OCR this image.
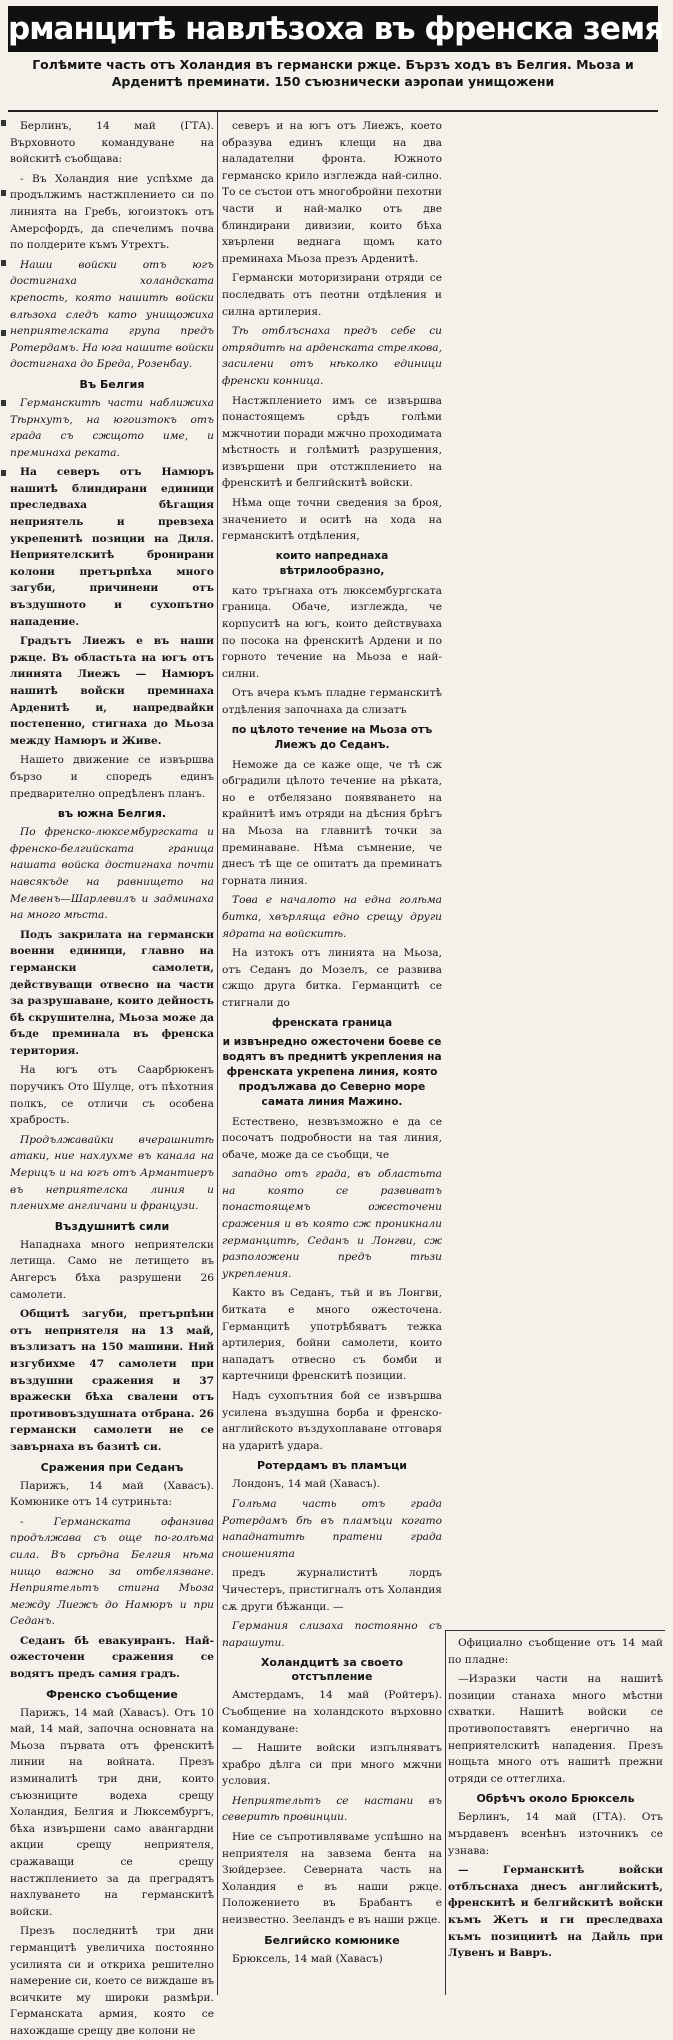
рманцитѣ навлѣзоха въ френска земя
Голѣмите часть отъ Холандия въ германски ржце. Бързъ ходъ въ Белгия. Мьоза и Арденитѣ преминати. 150 съюзнически аэропаи унищожени

Берлинъ, 14 май (ГТА). Върховното командуване на войскитѣ съобщава:

- Въ Холандия ние успѣхме да продължимъ настжплението си по линията на Гребъ, югоизтокъ отъ Амерсфордъ, да спечелимъ почва по полдерите къмъ Утрехтъ.

Наши войски отъ югъ достигнаха холандската крепость, която нашитѣ войски влѣзоха следъ като унищожиха неприятелската група предъ Ротердамъ. На юга нашите войски достигнаха до Бреда, Розенбау.

Въ Белгия

Германскитѣ части наближиха Тѣрнхутъ, на югоизтокъ отъ града съ сжщото име, и преминаха реката.

На северъ отъ Намюръ нашитѣ блиндирани единици преследваха бѣгащия неприятель и превзеха укрепенитѣ позиции на Диля. Неприятелскитѣ бронирани колони претърпѣха много загуби, причинени отъ въздушното и сухопътно нападение.

Градътъ Лиежъ е въ наши ржце. Въ областьта на югъ отъ линията Лиежъ — Намюръ нашитѣ войски преминаха Арденитѣ и, напредвайки постепенно, стигнаха до Мьоза между Намюръ и Живе.

Нашето движение се извършва бързо и споредъ единъ предварително опредѣленъ планъ.

въ южна Белгия.

По френско-люксембургската и френско-белгийската граница нашата войска достигнаха почти навсякъде на равнището на Мелвенъ—Шарлевилъ и задминаха на много мѣста.

Подъ закрилата на германски военни единици, главно на германски самолети, действуващи отвесно на части за разрушаване, които дейность бѣ скрушителна, Мьоза може да бъде преминала въ френска територия.

На югъ отъ Саарбрюкенъ поручикъ Ото Шулце, отъ пѣхотния полкъ, се отличи съ особена храбрость.

Продължавайки вчерашнитѣ атаки, ние нахлухме въ канала на Мерицъ и на югъ отъ Армантиеръ въ неприятелска линия и пленихме англичани и французи.

Въздушнитѣ сили

Нападнаха много неприятелски летища. Само не летището въ Ангерсъ бѣха разрушени 26 самолети.

Общитѣ загуби, претърпѣни отъ неприятеля на 13 май, възлизатъ на 150 машини. Ний изгубихме 47 самолети при въздушни сражения и 37 вражески бѣха свалени отъ противовъздушната отбрана. 26 германски самолети не се завърнаха въ базитѣ си.

Сражения при Седанъ

Парижъ, 14 май (Хавасъ). Комюнике отъ 14 сутриньта:

- Германската офанзива продължава съ още по-голѣма сила. Въ срѣдна Белгия нѣма нищо важно за отбелязване. Неприятельтъ стигна Мьоза между Лиежъ до Намюръ и при Седанъ.

Седанъ бѣ евакуиранъ. Най-ожесточени сражения се водятъ предъ самия градъ.

Френско съобщение

Парижъ, 14 май (Хавасъ). Отъ 10 май, 14 май, започна основната на Мьоза първата отъ френскитѣ линии на войната. Презъ изминалитѣ три дни, които съюзниците водеха срещу Холандия, Белгия и Люксембургъ, бѣха извършени само авангардни акции срещу неприятеля, сражаващи се срещу настжплението за да преградятъ нахлуването на германскитѣ войски.

Презъ последнитѣ три дни германцитѣ увеличиха постоянно усилията си и откриха решително намерение си, което се виждаше въ всичките му широки размѣри. Германската армия, която се нахождаше срещу две колони не

северъ и на югъ отъ Лиежъ, което образува единъ клещи на два наладателни фронта. Южното германско крило изглежда най-силно. То се състои отъ многобройни пехотни части и най-малко отъ две блиндирани дивизии, които бѣха хвърлени веднага щомъ като преминаха Мьоза презъ Арденитѣ.

Германски моторизирани отряди се последвать отъ пеотни отдѣления и силна артилерия.

Тѣ отблъснаха предъ себе си отрядитѣ на арденската стрелкова, засилени отъ нѣколко единици френски конница.

Настжплението имъ се извършва понастоящемъ срѣдъ голѣми мжчнотии поради мжчно проходимата мѣстность и голѣмитѣ разрушения, извършени при отстжплението на френскитѣ и белгийскитѣ войски.

Нѣма още точни сведения за броя, значението и оситѣ на хода на германскитѣ отдѣления,

които напреднаха вѣтрилообразно,

като тръгнаха отъ люксембургската граница. Обаче, изглежда, че корпуситѣ на югъ, които действуваха по посока на френскитѣ Ардени и по горното течение на Мьоза е най-силни.

Отъ вчера къмъ пладне германскитѣ отдѣления започнаха да слизатъ

по цѣлото течение на Мьоза отъ Лиежъ до Седанъ.

Неможе да се каже още, че тѣ сж обградили цѣлото течение на рѣката, но е отбелязано появяването на крайнитѣ имъ отряди на дѣсния брѣгъ на Мьоза на главнитѣ точки за преминаване. Нѣма съмнение, че днесъ тѣ ще се опитатъ да преминатъ горната линия.

Това е началото на една голѣма битка, хвърляща едно срещу други ядрата на войскитѣ.

На изтокъ отъ линията на Мьоза, отъ Седанъ до Мозелъ, се развива сжщо друга битка. Германцитѣ се стигнали до

френската граница
и извънредно ожесточени боеве се водятъ въ преднитѣ укрепления на френската укрепена линия, която продължава до Северно море самата линия Мажино.

Естествено, незвъзможно е да се посочатъ подробности на тая линия, обаче, може да се съобщи, че

западно отъ града, въ областьта на която се развиватъ понастоящемъ ожесточени сражения и въ която сж проникнали германцитѣ, Седанъ и Лонгви, сж разположени предъ тѣзи укрепления.

Както въ Седанъ, тъй и въ Лонгви, битката е много ожесточена. Германцитѣ употрѣбяватъ тежка артилерия, бойни самолети, които нападатъ отвесно съ бомби и картечници френскитѣ позиции.

Надъ сухопътния бой се извършва усилена въздушна борба и френско-английското въздухоплаване отговаря на ударитѣ удара.

Ротердамъ въ пламъци

Лондонъ, 14 май (Хавасъ).

Голѣма часть отъ града Ротердамъ бѣ въ пламъци когато нападнатитѣ пратени града сношенията

предъ журналиститѣ лордъ Чичестеръ, пристигналъ отъ Холандия сѫ други бѣжанци. —

Германия слизаха постоянно съ парашути.

Холандцитѣ за своето отстъпление

Амстердамъ, 14 май (Ройтеръ). Съобщение на холандското върховно командуване:

— Нашите войски изпълняватъ храбро дѣлга си при много мжчни условия.

Неприятельтъ се настани въ северитѣ провинции.

Ние се съпротивляваме успѣшно на неприятеля на завзема бента на Зюйдерзее. Северната часть на Холандия е въ наши ржце. Положението въ Брабантъ е неизвестно. Зееландъ е въ наши ржце.

Белгийско комюнике

Брюксель, 14 май (Хавасъ)

Официално съобщение отъ 14 май по пладне:

—Изразки части на нашитѣ позиции станаха много мѣстни схватки. Нашитѣ войски се противопоставятъ енергично на неприятелскитѣ нападения. Презъ нощьта много отъ нашитѣ прежни отряди се оттеглиха.

Обрѣчъ около Брюксель

Берлинъ, 14 май (ГТА). Отъ мърдавенъ всенѣнъ източникъ се узнава:

— Германскитѣ войски отблъснаха днесъ английскитѣ, френскитѣ и белгийскитѣ войски къмъ Жетъ и ги преследваха къмъ позициитѣ на Дайль при Лувенъ и Вавръ.
